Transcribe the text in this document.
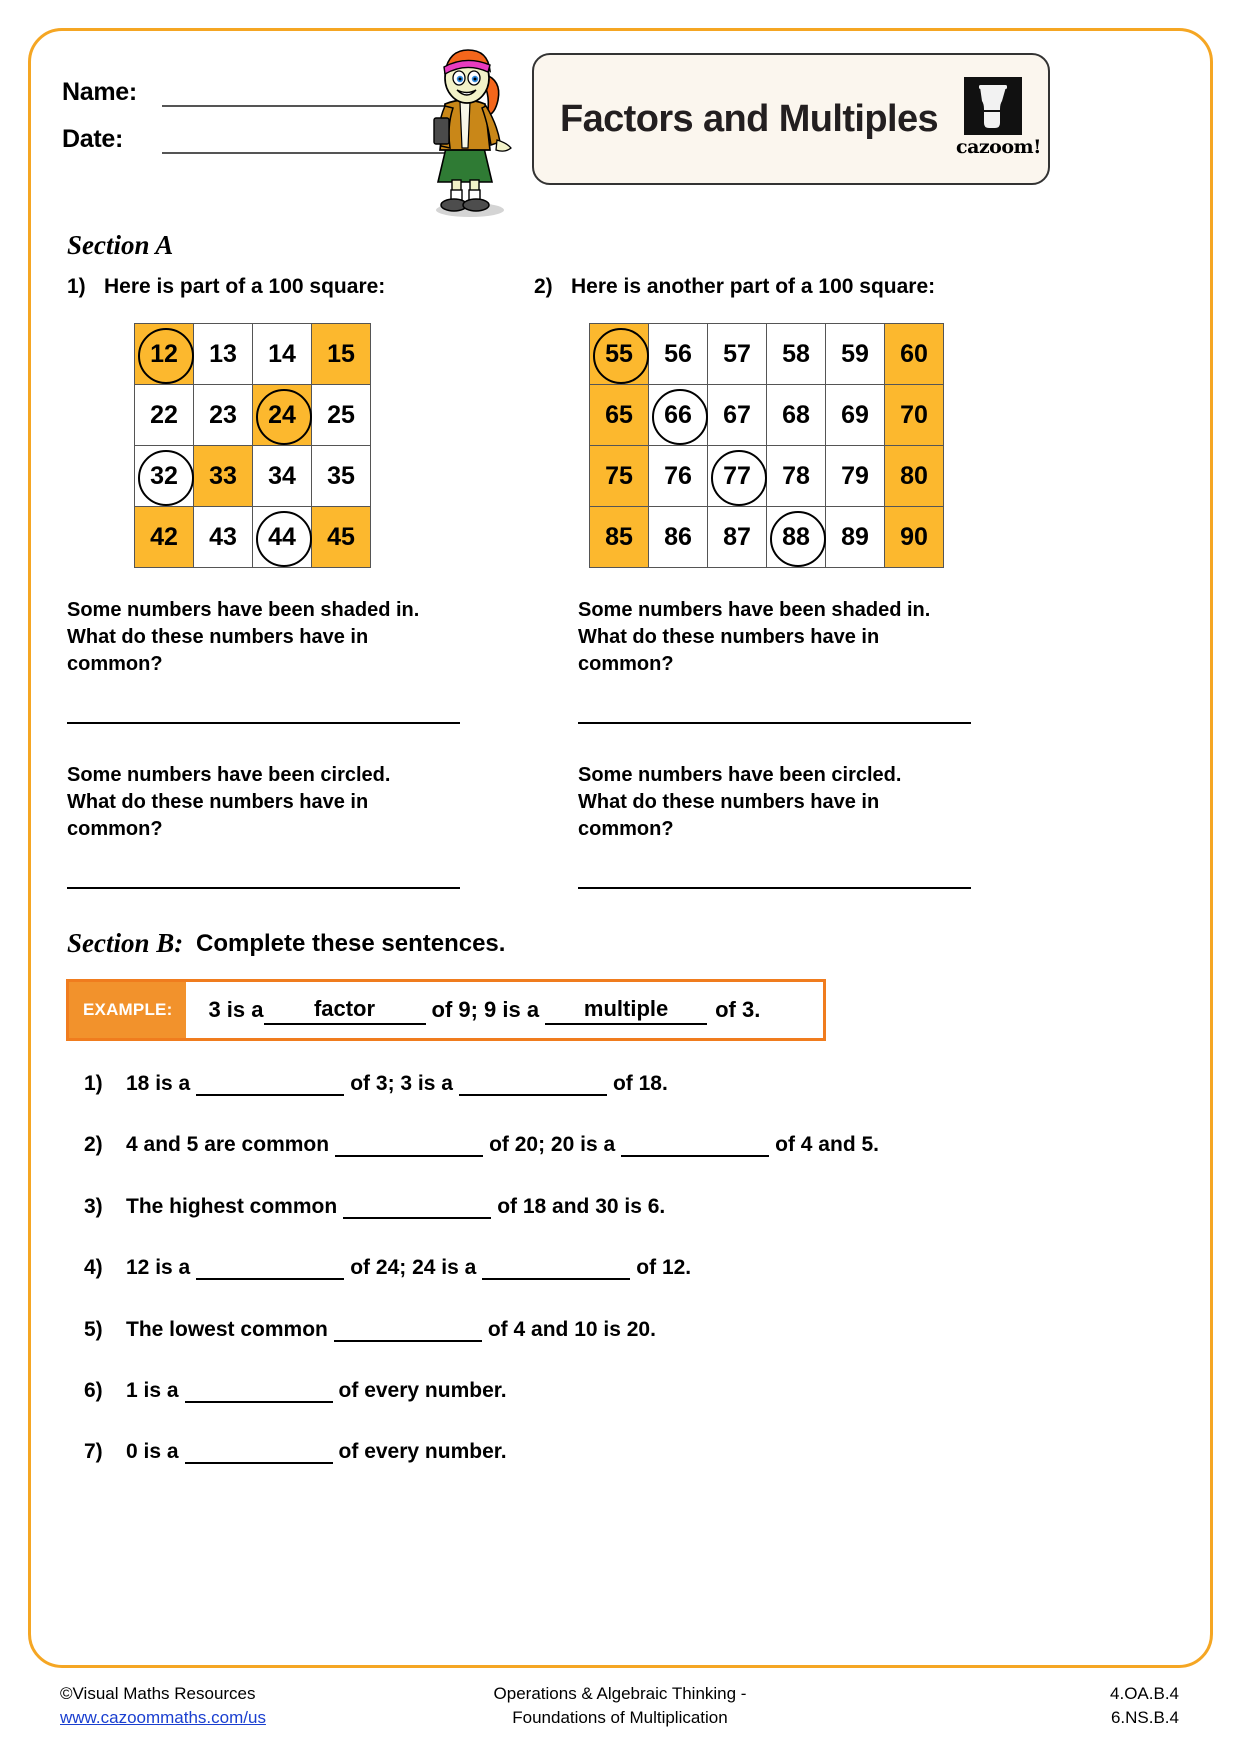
Name:
Date:	Factors and Multiples
cazoom!
Section A
1) Here is part of a 100 square:	2) Here is another part of a 100 square:
12	13	14	15
22	23	24	25
32	33	34	35
42	43	44	45
55	56	57	58	59	60
65	66	67	68	69	70
75	76	77	78	79	80
85	86	87	88	89	90
Some numbers have been shaded in.
What do these numbers have in
common?
Some numbers have been circled.
What do these numbers have in
common?
Some numbers have been shaded in.
What do these numbers have in
common?
Some numbers have been circled.
What do these numbers have in
common?
Section B: Complete these sentences.
EXAMPLE:	3 is a	factor	of 9; 9 is a	multiple	of 3.
1)	18 is a	of 3; 3 is a	of 18.
2)	4 and 5 are common	of 20; 20 is a	of 4 and 5.
3)	The highest common	of 18 and 30 is 6.
4)	12 is a	of 24; 24 is a	of 12.
5)	The lowest common	of 4 and 10 is 20.
6)	1 is a	of every number.
7)	0 is a	of every number.
©Visual Maths Resources
www.cazoommaths.com/us
Operations & Algebraic Thinking -
Foundations of Multiplication
4.OA.B.4
6.NS.B.4
